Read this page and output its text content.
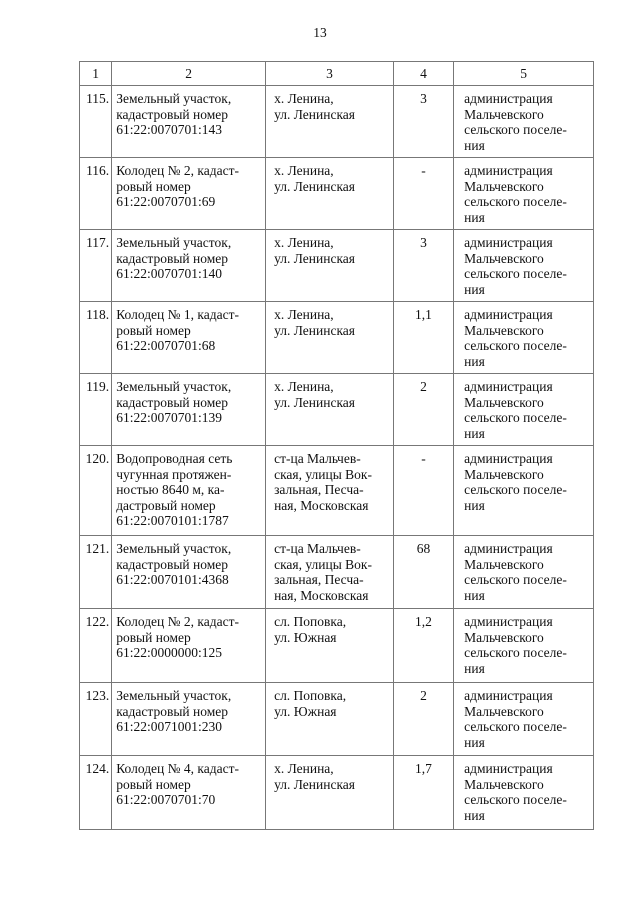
13
1	2	3	4	5
115.	Земельный участок,
кадастровый номер
61:22:0070701:143	х. Ленина,
ул. Ленинская	3	администрация
Мальчевского
сельского поселе-
ния

116.	Колодец № 2, кадаст-
ровый номер
61:22:0070701:69	х. Ленина,
ул. Ленинская	-	администрация
Мальчевского
сельского поселе-
ния

117.	Земельный участок,
кадастровый номер
61:22:0070701:140	х. Ленина,
ул. Ленинская	3	администрация
Мальчевского
сельского поселе-
ния

118.	Колодец № 1, кадаст-
ровый номер
61:22:0070701:68	х. Ленина,
ул. Ленинская	1,1	администрация
Мальчевского
сельского поселе-
ния

119.	Земельный участок,
кадастровый номер
61:22:0070701:139	х. Ленина,
ул. Ленинская	2	администрация
Мальчевского
сельского поселе-
ния

120.	Водопроводная сеть
чугунная протяжен-
ностью 8640 м, ка-
дастровый номер
61:22:0070101:1787	ст-ца Мальчев-
ская, улицы Вок-
зальная, Песча-
ная, Московская	-	администрация
Мальчевского
сельского поселе-
ния

121.	Земельный участок,
кадастровый номер
61:22:0070101:4368	ст-ца Мальчев-
ская, улицы Вок-
зальная, Песча-
ная, Московская	68	администрация
Мальчевского
сельского поселе-
ния

122.	Колодец № 2, кадаст-
ровый номер
61:22:0000000:125	сл. Поповка,
ул. Южная	1,2	администрация
Мальчевского
сельского поселе-
ния

123.	Земельный участок,
кадастровый номер
61:22:0071001:230	сл. Поповка,
ул. Южная	2	администрация
Мальчевского
сельского поселе-
ния

124.	Колодец № 4, кадаст-
ровый номер
61:22:0070701:70	х. Ленина,
ул. Ленинская	1,7	администрация
Мальчевского
сельского поселе-
ния
